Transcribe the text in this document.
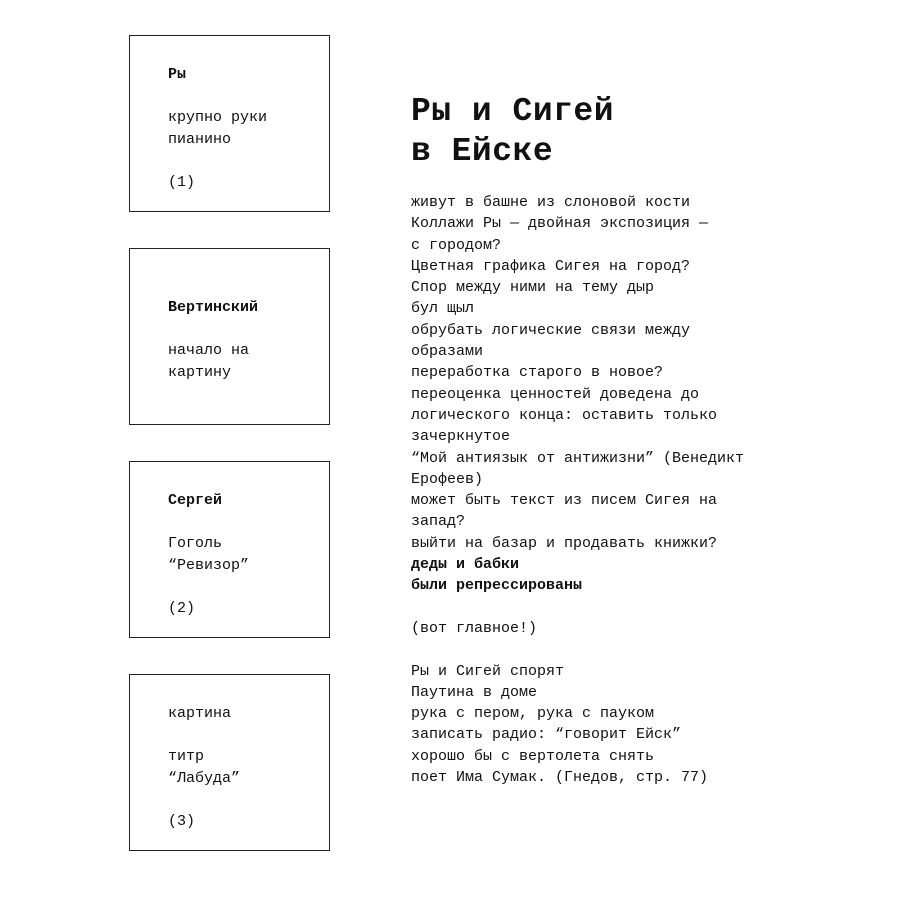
Ры
крупно руки
пианино
(1)
Вертинский
начало на
картину
Сергей
Гоголь
“Ревизор”
(2)
картина
титр
“Лабуда”
(3)
Ры и Сигей
в Ейске
живут в башне из слоновой кости
Коллажи Ры — двойная экспозиция —
с городом?
Цветная графика Сигея на город?
Спор между ними на тему дыр
бул щыл
обрубать логические связи между
образами
переработка старого в новое?
переоценка ценностей доведена до
логического конца: оставить только
зачеркнутое
“Мой антиязык от антижизни” (Венедикт
Ерофеев)
может быть текст из писем Сигея на
запад?
выйти на базар и продавать книжки?
деды и бабки
были репрессированы
(вот главное!)
Ры и Сигей спорят
Паутина в доме
рука с пером, рука с пауком
записать радио: “говорит Ейск”
хорошо бы с вертолета снять
поет Има Сумак. (Гнедов, стр. 77)
